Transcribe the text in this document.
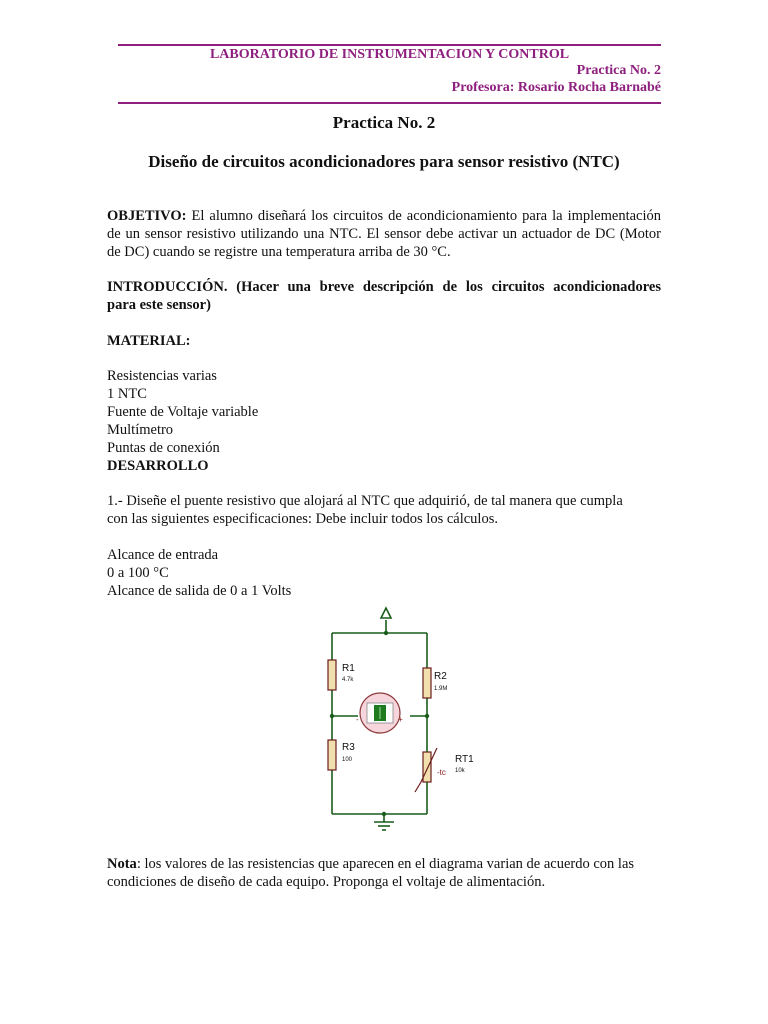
LABORATORIO DE INSTRUMENTACION Y CONTROL
Practica No. 2
Profesora: Rosario Rocha Barnabé
Practica No. 2
Diseño de circuitos acondicionadores para sensor resistivo (NTC)
OBJETIVO: El alumno diseñará los circuitos de acondicionamiento para la implementación
de un sensor resistivo utilizando una NTC. El sensor debe activar un actuador de DC (Motor
de DC) cuando se registre una temperatura arriba de 30 °C.
INTRODUCCIÓN. (Hacer una breve descripción de los circuitos acondicionadores
para este sensor)
MATERIAL:
Resistencias varias
1 NTC
Fuente de Voltaje variable
Multímetro
Puntas de conexión
DESARROLLO
1.- Diseñe el puente resistivo que alojará al NTC que adquirió, de tal manera que cumpla
con las siguientes especificaciones: Debe incluir todos los cálculos.
Alcance de entrada
0 a 100 °C
Alcance de salida de 0 a 1 Volts
R1
4.7k	R2
1.9M
R3
100
-tc
RT1
10k
-	+
Nota: los valores de las resistencias que aparecen en el diagrama varian de acuerdo con las
condiciones de diseño de cada equipo. Proponga el voltaje de alimentación.
